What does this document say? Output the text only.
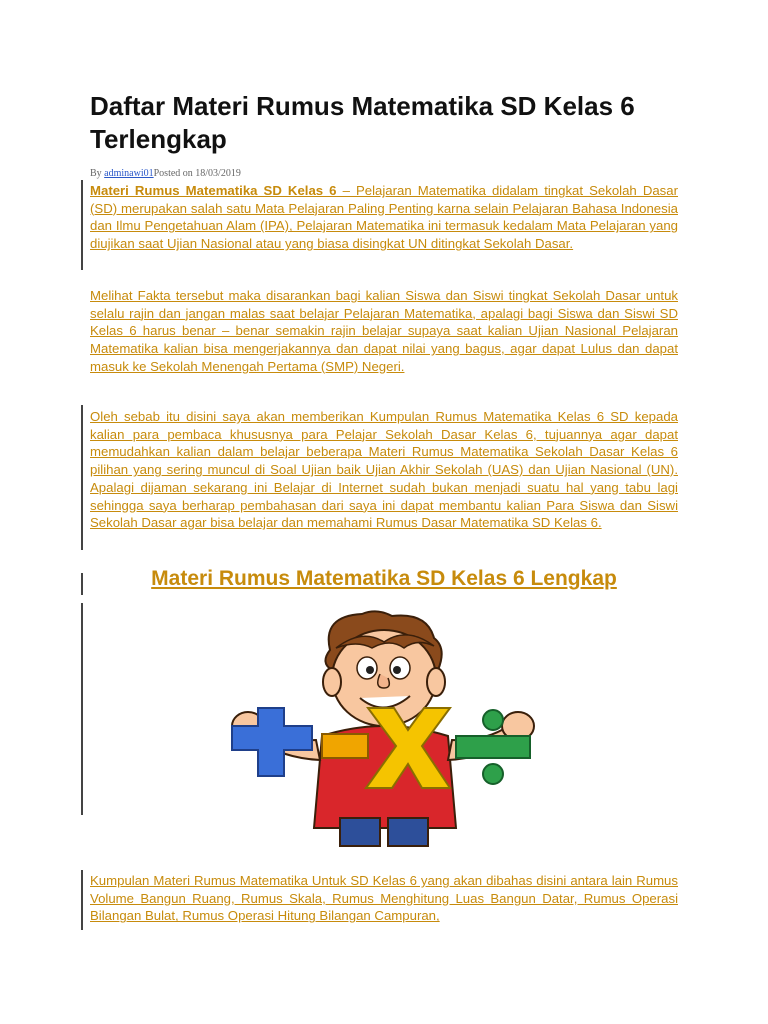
Daftar Materi Rumus Matematika SD Kelas 6 Terlengkap
By adminawi01Posted on 18/03/2019

Materi Rumus Matematika SD Kelas 6 – Pelajaran Matematika didalam tingkat Sekolah Dasar (SD) merupakan salah satu Mata Pelajaran Paling Penting karna selain Pelajaran Bahasa Indonesia dan Ilmu Pengetahuan Alam (IPA), Pelajaran Matematika ini termasuk kedalam Mata Pelajaran yang diujikan saat Ujian Nasional atau yang biasa disingkat UN ditingkat Sekolah Dasar.

Melihat Fakta tersebut maka disarankan bagi kalian Siswa dan Siswi tingkat Sekolah Dasar untuk selalu rajin dan jangan malas saat belajar Pelajaran Matematika, apalagi bagi Siswa dan Siswi SD Kelas 6 harus benar – benar semakin rajin belajar supaya saat kalian Ujian Nasional Pelajaran Matematika kalian bisa mengerjakannya dan dapat nilai yang bagus, agar dapat Lulus dan dapat masuk ke Sekolah Menengah Pertama (SMP) Negeri.

Oleh sebab itu disini saya akan memberikan Kumpulan Rumus Matematika Kelas 6 SD kepada kalian para pembaca khususnya para Pelajar Sekolah Dasar Kelas 6, tujuannya agar dapat memudahkan kalian dalam belajar beberapa Materi Rumus Matematika Sekolah Dasar Kelas 6 pilihan yang sering muncul di Soal Ujian baik Ujian Akhir Sekolah (UAS) dan Ujian Nasional (UN). Apalagi dijaman sekarang ini Belajar di Internet sudah bukan menjadi suatu hal yang tabu lagi sehingga saya berharap pembahasan dari saya ini dapat membantu kalian Para Siswa dan Siswi Sekolah Dasar agar bisa belajar dan memahami Rumus Dasar Matematika SD Kelas 6.

Materi Rumus Matematika SD Kelas 6 Lengkap

Kumpulan Materi Rumus Matematika Untuk SD Kelas 6 yang akan dibahas disini antara lain Rumus Volume Bangun Ruang, Rumus Skala, Rumus Menghitung Luas Bangun Datar, Rumus Operasi Bilangan Bulat, Rumus Operasi Hitung Bilangan Campuran,
